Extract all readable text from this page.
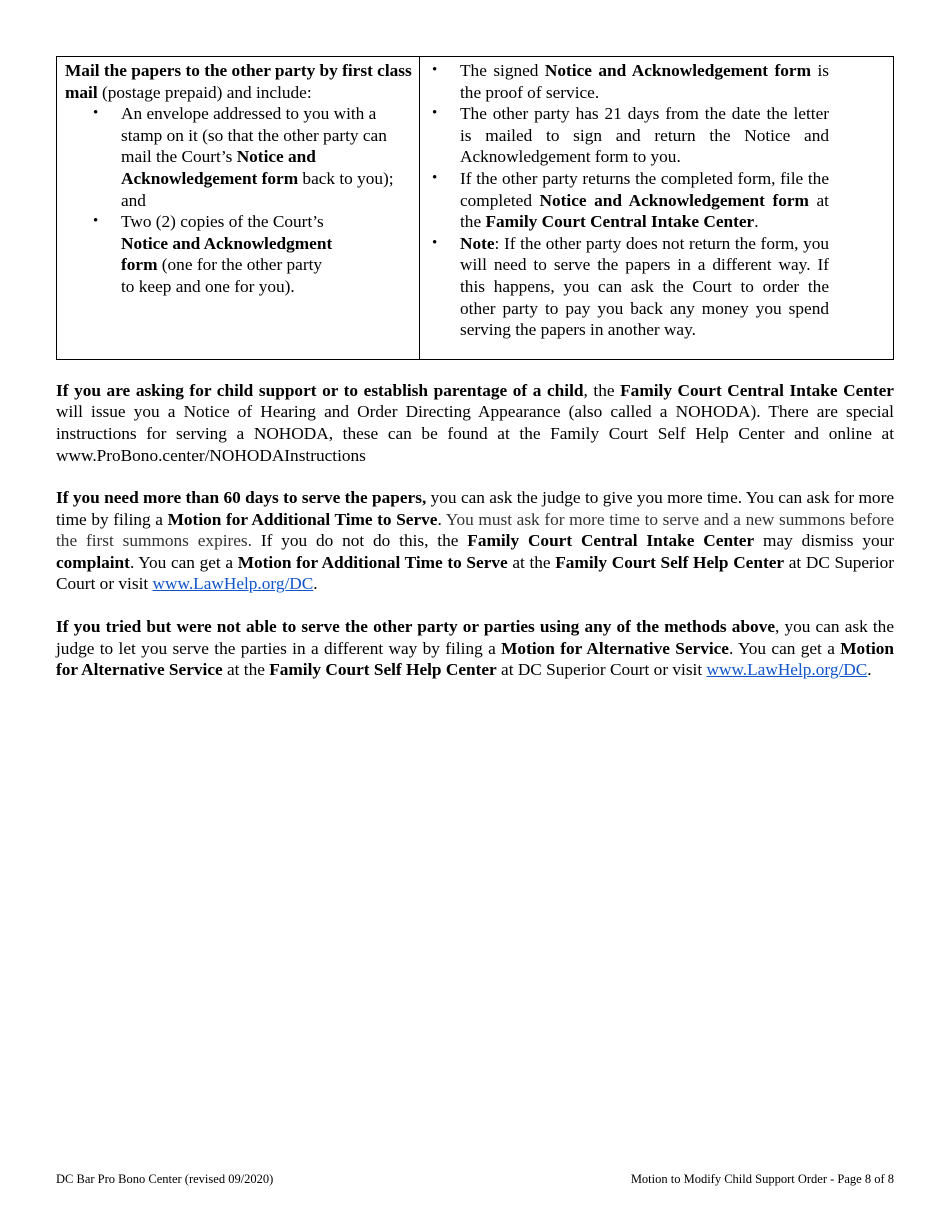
Mail the papers to the other party by first class mail (postage prepaid) and include:
• An envelope addressed to you with a stamp on it (so that the other party can mail the Court’s Notice and Acknowledgement form back to you); and
• Two (2) copies of the Court’s Notice and Acknowledgment form (one for the other party to keep and one for you).

• The signed Notice and Acknowledgement form is the proof of service.
• The other party has 21 days from the date the letter is mailed to sign and return the Notice and Acknowledgement form to you.
• If the other party returns the completed form, file the completed Notice and Acknowledgement form at the Family Court Central Intake Center.
• Note: If the other party does not return the form, you will need to serve the papers in a different way. If this happens, you can ask the Court to order the other party to pay you back any money you spend serving the papers in another way.

If you are asking for child support or to establish parentage of a child, the Family Court Central Intake Center will issue you a Notice of Hearing and Order Directing Appearance (also called a NOHODA). There are special instructions for serving a NOHODA, these can be found at the Family Court Self Help Center and online at www.ProBono.center/NOHODAInstructions

If you need more than 60 days to serve the papers, you can ask the judge to give you more time. You can ask for more time by filing a Motion for Additional Time to Serve. You must ask for more time to serve and a new summons before the first summons expires. If you do not do this, the Family Court Central Intake Center may dismiss your complaint. You can get a Motion for Additional Time to Serve at the Family Court Self Help Center at DC Superior Court or visit www.LawHelp.org/DC.

If you tried but were not able to serve the other party or parties using any of the methods above, you can ask the judge to let you serve the parties in a different way by filing a Motion for Alternative Service. You can get a Motion for Alternative Service at the Family Court Self Help Center at DC Superior Court or visit www.LawHelp.org/DC.

DC Bar Pro Bono Center (revised 09/2020)	Motion to Modify Child Support Order - Page 8 of 8
